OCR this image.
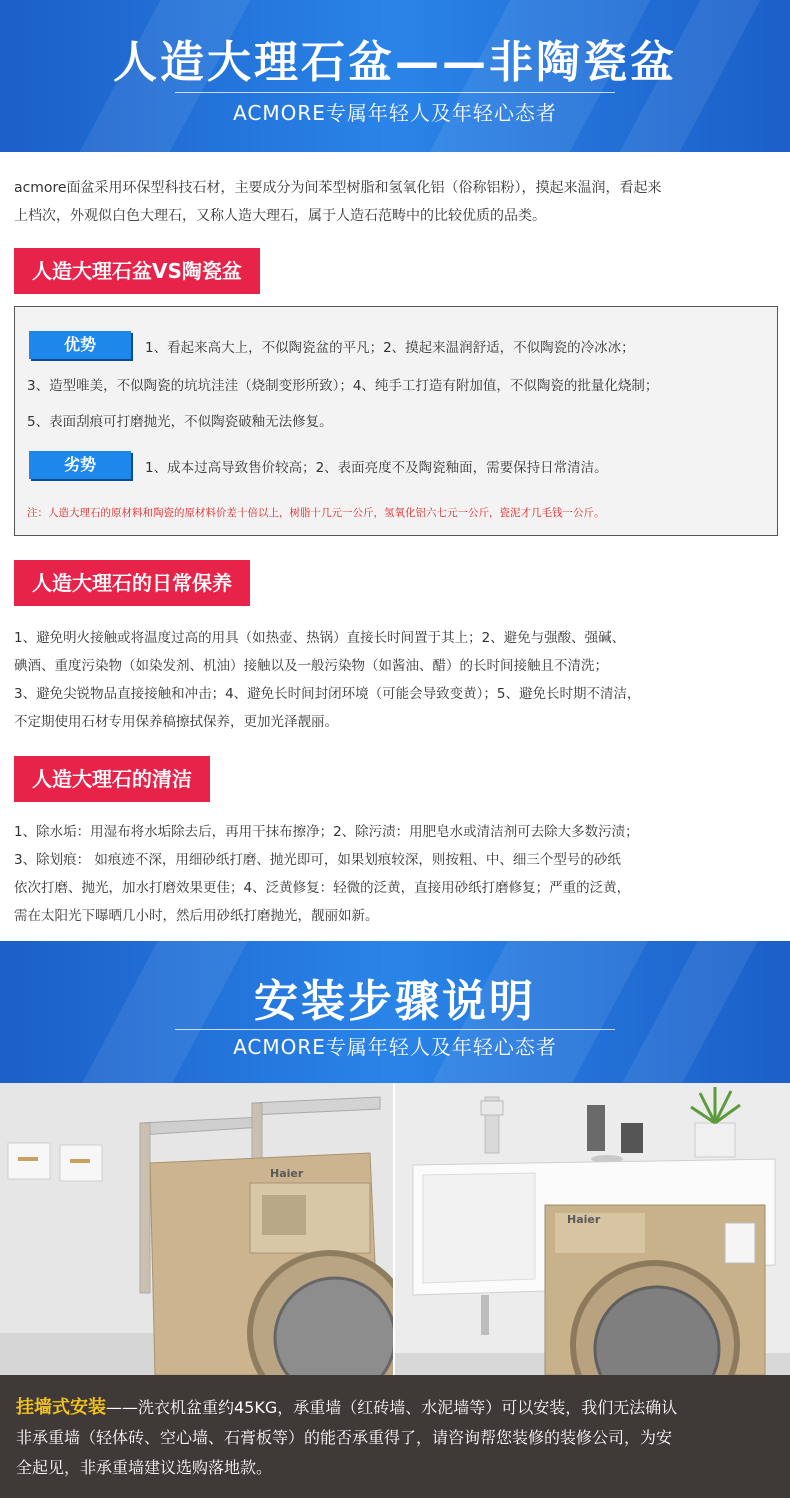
人造大理石盆——非陶瓷盆
ACMORE专属年轻人及年轻心态者

acmore面盆采用环保型科技石材，主要成分为间苯型树脂和氢氧化铝（俗称铝粉），摸起来温润，看起来

上档次，外观似白色大理石，又称人造大理石，属于人造石范畴中的比较优质的品类。

人造大理石盆VS陶瓷盆
优势	1、看起来高大上，不似陶瓷盆的平凡；2、摸起来温润舒适，不似陶瓷的冷冰冰；
3、造型唯美，不似陶瓷的坑坑洼洼（烧制变形所致）；4、纯手工打造有附加值，不似陶瓷的批量化烧制；
5、表面刮痕可打磨抛光，不似陶瓷破釉无法修复。
劣势	1、成本过高导致售价较高；2、表面亮度不及陶瓷釉面，需要保持日常清洁。
注：人造大理石的原材料和陶瓷的原材料价差十倍以上，树脂十几元一公斤，氢氧化铝六七元一公斤，瓷泥才几毛钱一公斤。
人造大理石的日常保养

1、避免明火接触或将温度过高的用具（如热壶、热锅）直接长时间置于其上；2、避免与强酸、强碱、

碘酒、重度污染物（如染发剂、机油）接触以及一般污染物（如酱油、醋）的长时间接触且不清洗；

3、避免尖锐物品直接接触和冲击；4、避免长时间封闭环境（可能会导致变黄）；5、避免长时期不清洁，

不定期使用石材专用保养稿擦拭保养，更加光泽靓丽。

人造大理石的清洁

1、除水垢：用湿布将水垢除去后，再用干抹布擦净；2、除污渍：用肥皂水或清洁剂可去除大多数污渍；

3、除划痕： 如痕迹不深，用细砂纸打磨、抛光即可，如果划痕较深，则按粗、中、细三个型号的砂纸

依次打磨、抛光，加水打磨效果更佳；4、泛黄修复：轻微的泛黄，直接用砂纸打磨修复；严重的泛黄，

需在太阳光下曝晒几小时，然后用砂纸打磨抛光，靓丽如新。

安装步骤说明
ACMORE专属年轻人及年轻心态者
Haier
Haier
挂墙式安装——洗衣机盆重约45KG，承重墙（红砖墙、水泥墙等）可以安装，我们无法确认
非承重墙（轻体砖、空心墙、石膏板等）的能否承重得了，请咨询帮您装修的装修公司，为安
全起见，非承重墙建议选购落地款。
